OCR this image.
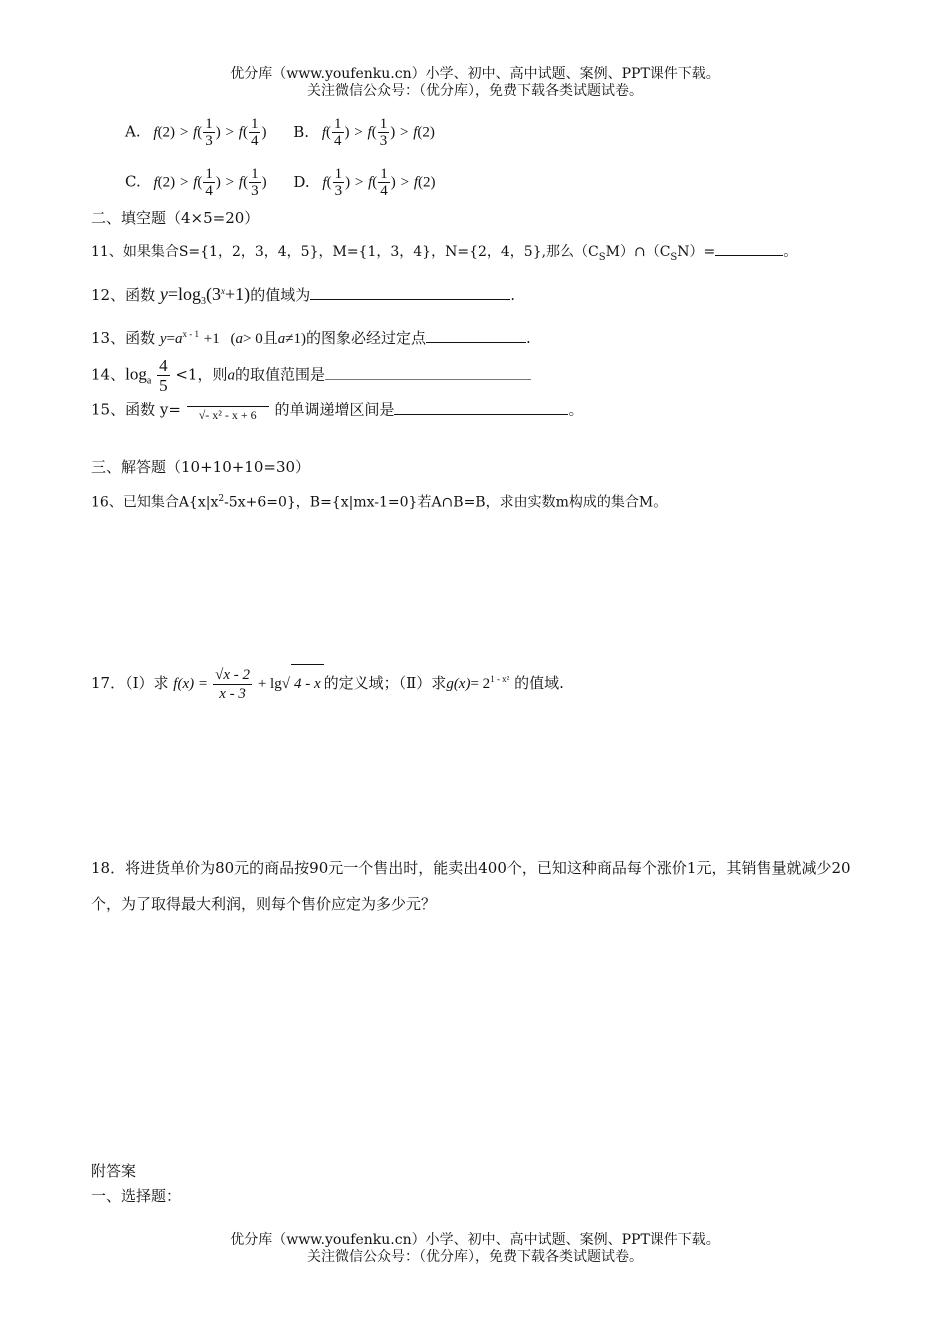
优分库（www.youfenku.cn）小学、初中、高中试题、案例、PPT课件下载。
关注微信公众号：（优分库），免费下载各类试题试卷。
A. $f(2) > f( \frac{1}{3}$ ) > $f( \frac{1}{4}$ ) B. $f( \frac{1}{4}$ ) > $f( \frac{1}{3}$ ) > f(2)
C. $f(2) > f( \frac{1}{4}$ ) > $f( \frac{1}{3}$ ) D. $f( \frac{1}{3}$ ) > $f( \frac{1}{4}$ ) > f(2)
二、填空题（4×5=20）
11、如果集合S={1，2，3，4，5}，M={1，3，4}，N={2，4，5},那么$(C_SM)\cap(C_SN)=$	。
12、函数 $y=\log_3(3^x+1)$的值域为	.
13、函数 $y=a^{x - 1} +1$ (a> 0且a≠1)的图象必经过定点	.
14、$\log_a \frac{4}{5} <1$，则a的取值范围是
15、函数 y= √- x² - x + 6 的单调递增区间是	。
三、解答题（10+10+10=30）
16、已知集合$A\{x|x^2-5x+6=0\}$，B={x|mx-1=0}若A∩B=B，求由实数m构成的集合M。
17．（Ⅰ）求 $f(x) = \frac{√x - 2}{x - 3} + \lg√$ 4 - x 的定义域；（Ⅱ）求$g(x)= 2^{1 - x^2}$ 的值域.
18．将进货单价为80元的商品按90元一个售出时，能卖出400个，已知这种商品每个涨价1元，其销售量就减少20个，为了取得最大利润，则每个售价应定为多少元？
附答案
一、选择题：
优分库（www.youfenku.cn）小学、初中、高中试题、案例、PPT课件下载。
关注微信公众号：（优分库），免费下载各类试题试卷。
